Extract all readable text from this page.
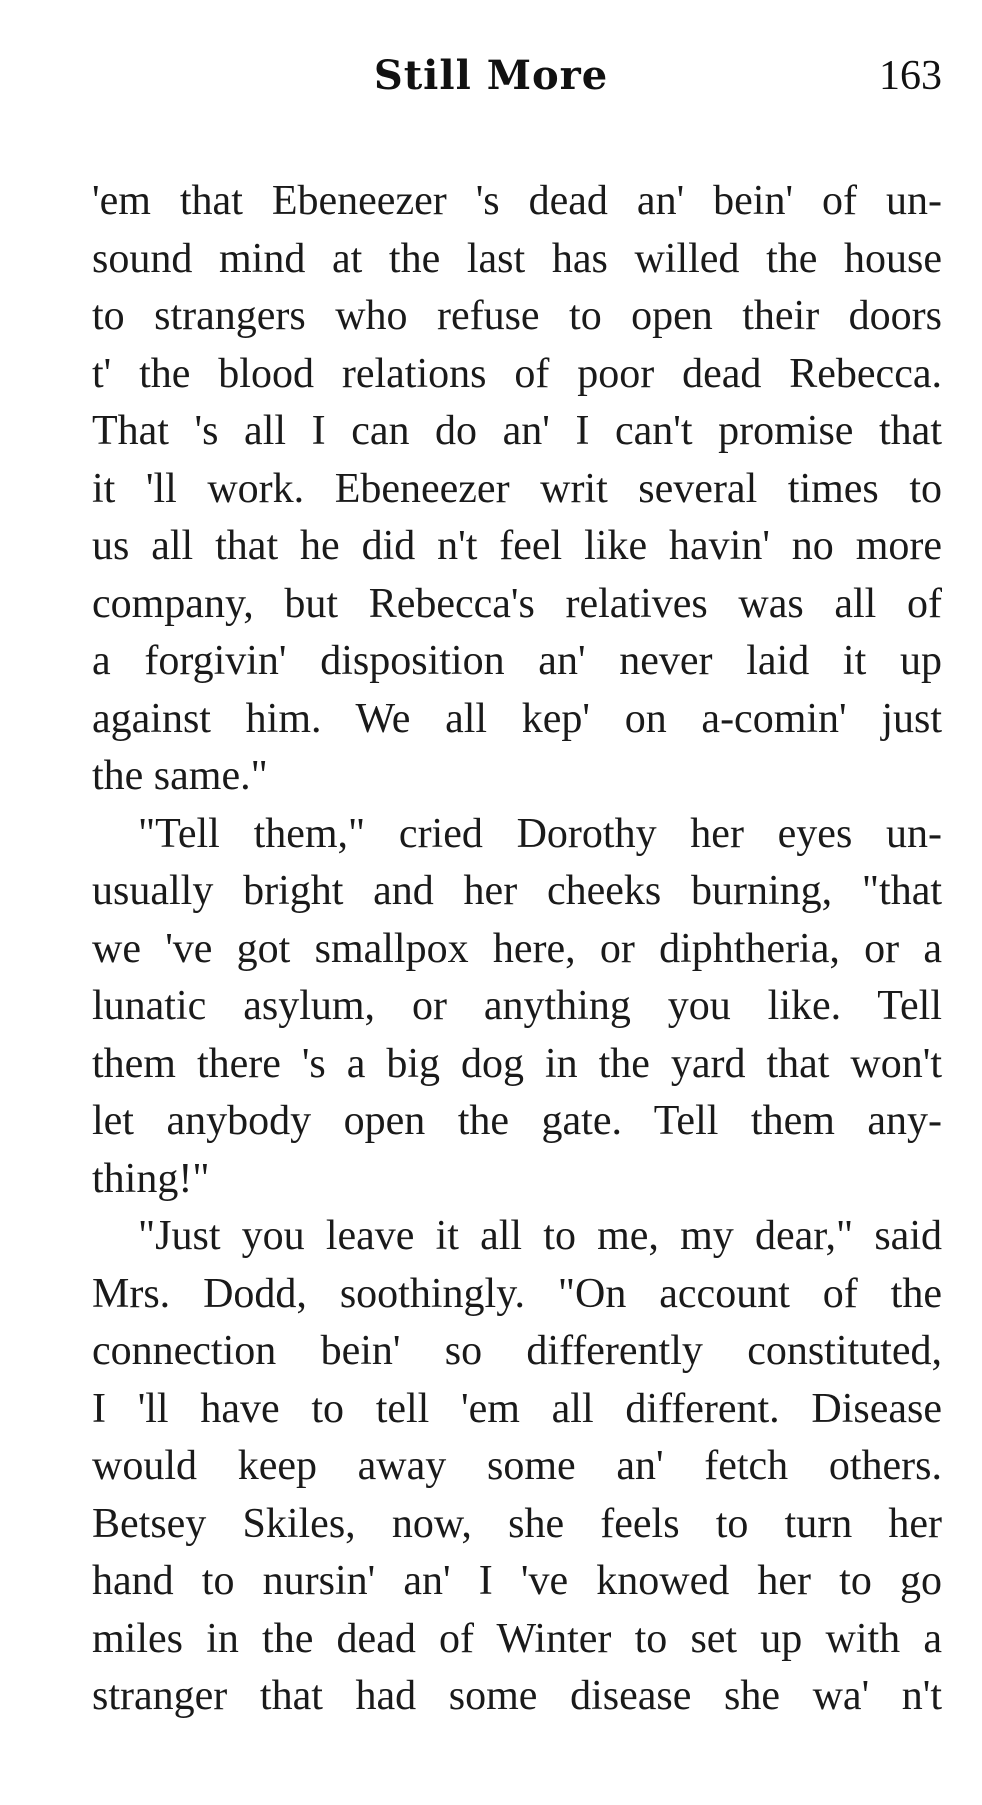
Still More	163
'em that Ebeneezer 's dead an' bein' of un-
sound mind at the last has willed the house
to strangers who refuse to open their doors
t' the blood relations of poor dead Rebecca.
That 's all I can do an' I can't promise that
it 'll work. Ebeneezer writ several times to
us all that he did n't feel like havin' no more
company, but Rebecca's relatives was all of
a forgivin' disposition an' never laid it up
against him. We all kep' on a-comin' just
the same."
"Tell them," cried Dorothy her eyes un-
usually bright and her cheeks burning, "that
we 've got smallpox here, or diphtheria, or a
lunatic asylum, or anything you like. Tell
them there 's a big dog in the yard that won't
let anybody open the gate. Tell them any-
thing!"
"Just you leave it all to me, my dear," said
Mrs. Dodd, soothingly. "On account of the
connection bein' so differently constituted,
I 'll have to tell 'em all different. Disease
would keep away some an' fetch others.
Betsey Skiles, now, she feels to turn her
hand to nursin' an' I 've knowed her to go
miles in the dead of Winter to set up with a
stranger that had some disease she wa' n't
